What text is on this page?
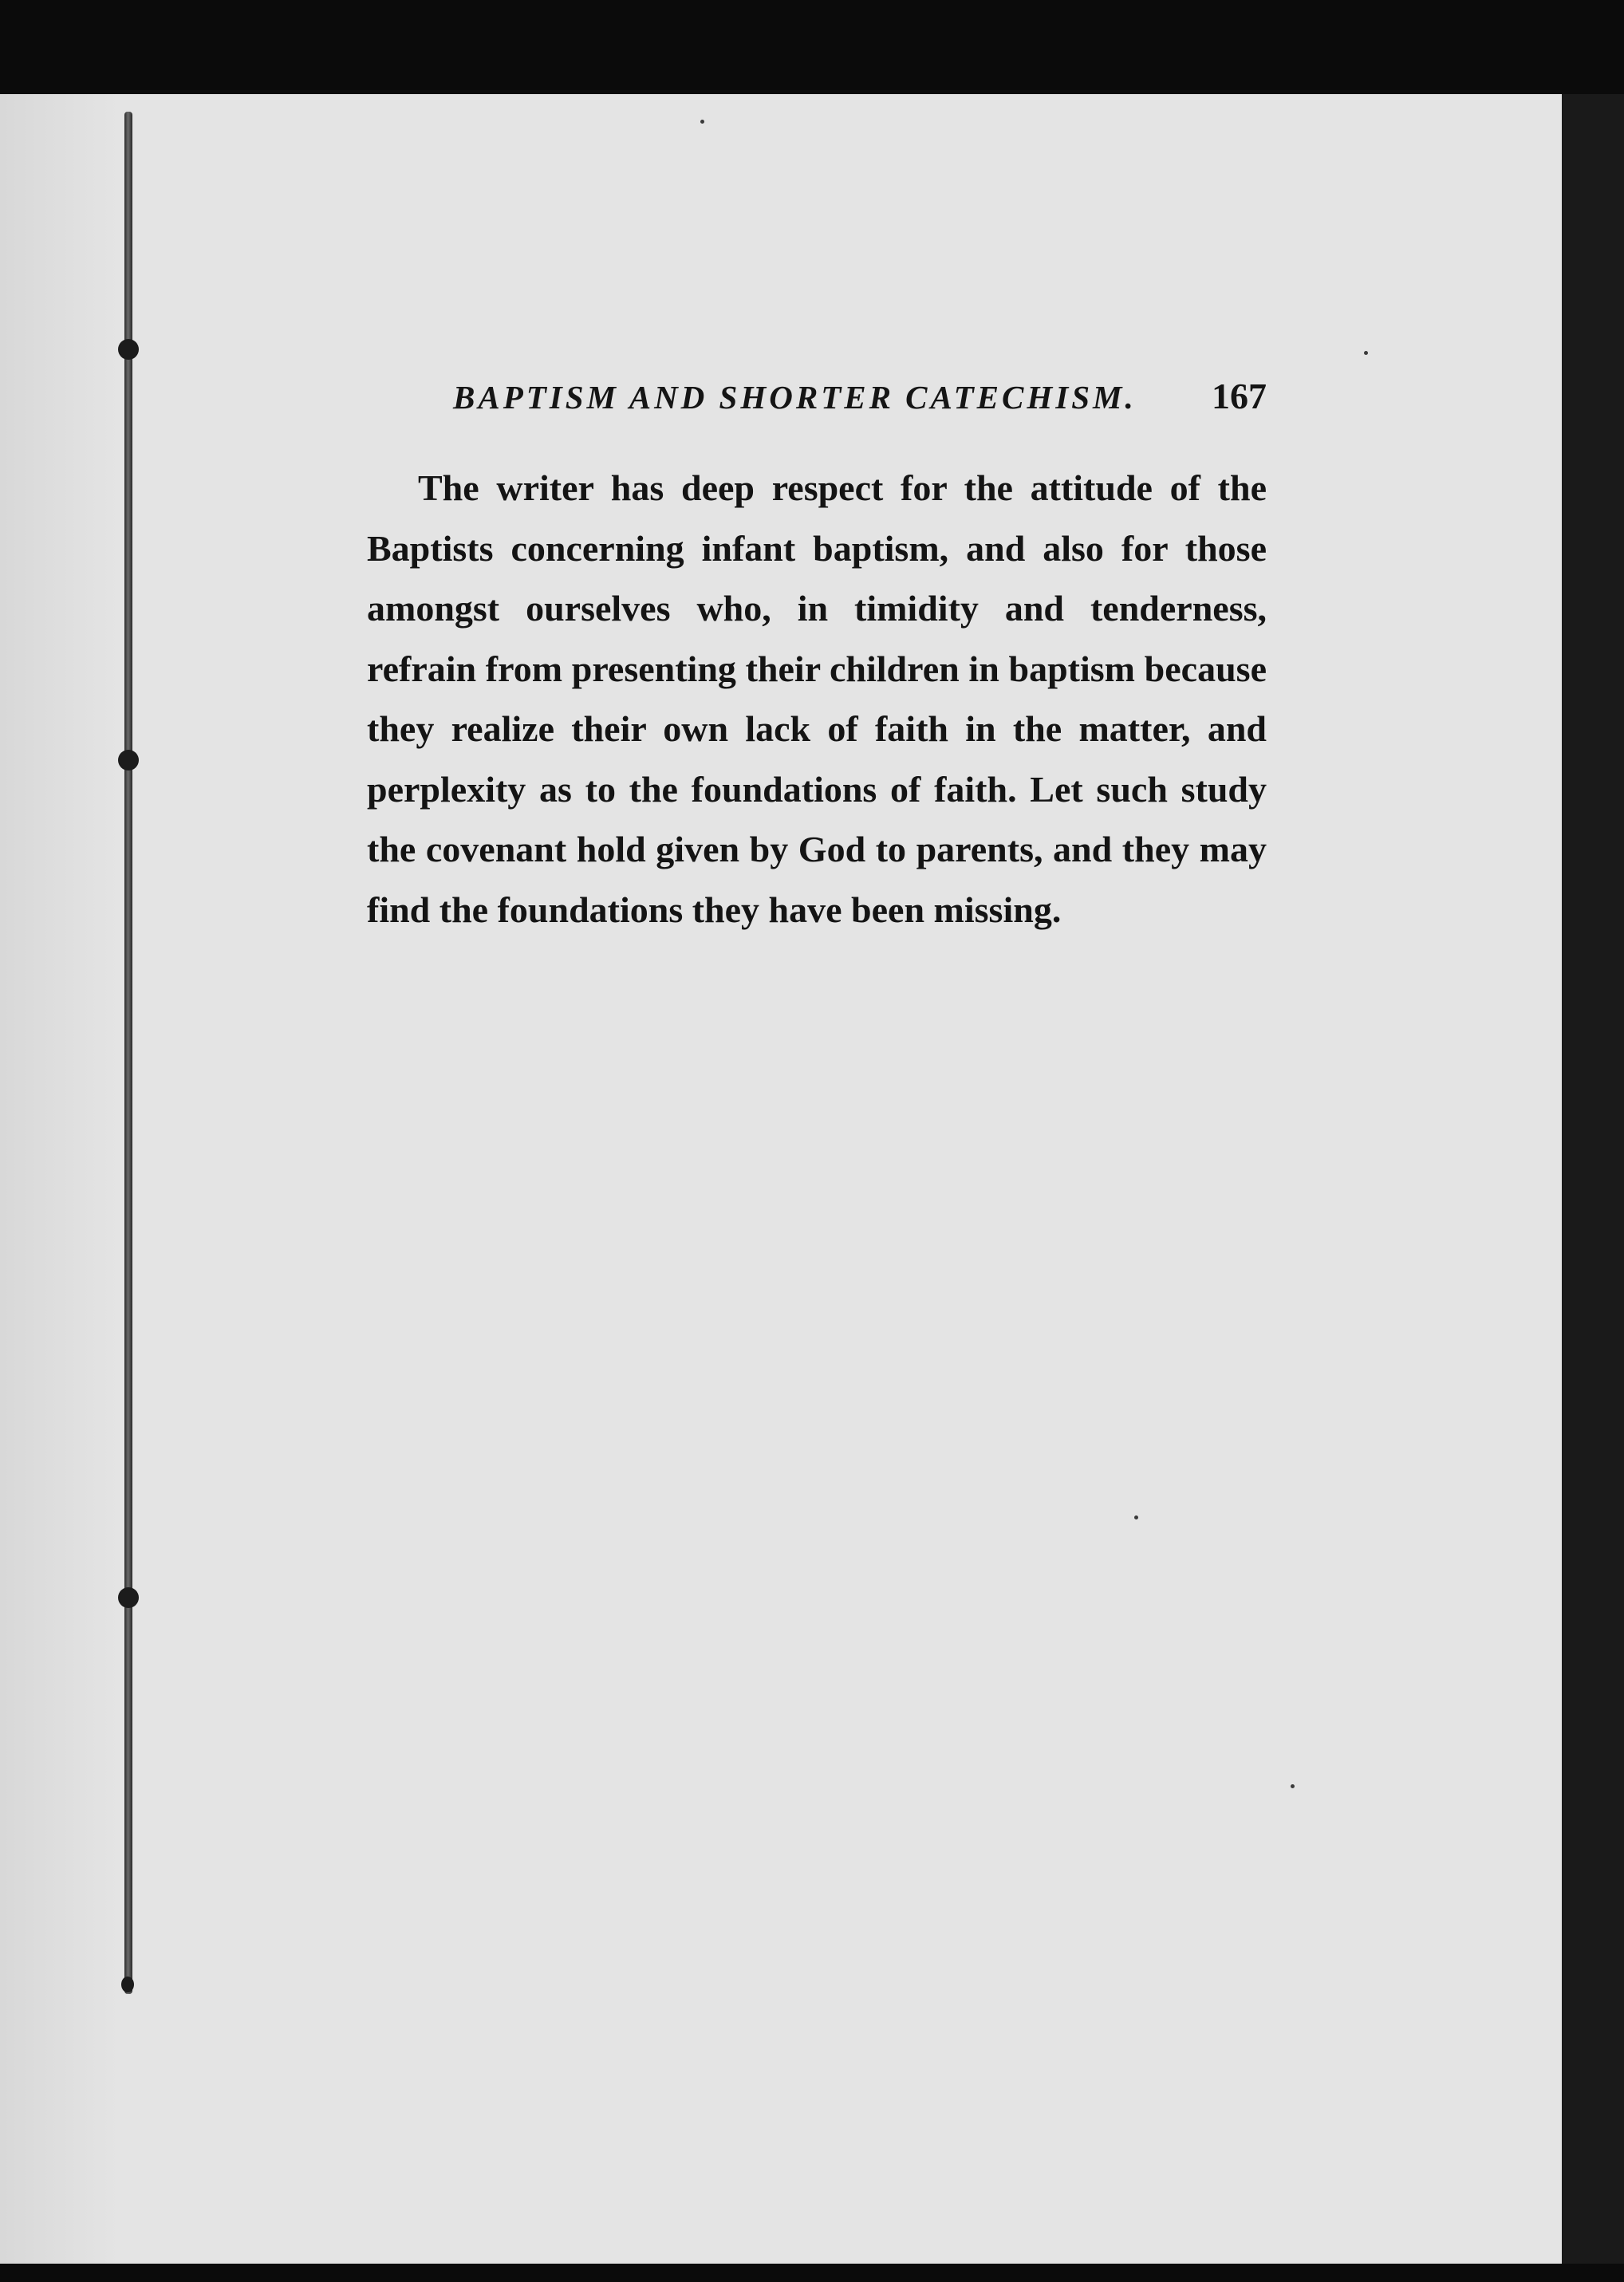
BAPTISM AND SHORTER CATECHISM. 167

The writer has deep respect for the attitude of the Baptists concerning infant baptism, and also for those amongst ourselves who, in timidity and tenderness, refrain from presenting their children in baptism because they realize their own lack of faith in the matter, and perplexity as to the foundations of faith. Let such study the covenant hold given by God to parents, and they may find the foundations they have been missing.
